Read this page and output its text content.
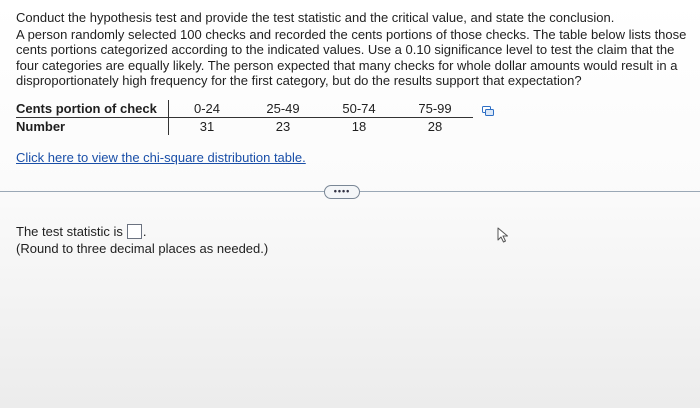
Conduct the hypothesis test and provide the test statistic and the critical value, and state the conclusion.

A person randomly selected 100 checks and recorded the cents portions of those checks. The table below lists those cents portions categorized according to the indicated values. Use a 0.10 significance level to test the claim that the four categories are equally likely. The person expected that many checks for whole dollar amounts would result in a disproportionately high frequency for the first category, but do the results support that expectation?

Cents portion of check	0-24	25-49	50-74	75-99
Number	31	23	18	28
Click here to view the chi-square distribution table.
••••
The test statistic is .
(Round to three decimal places as needed.)
